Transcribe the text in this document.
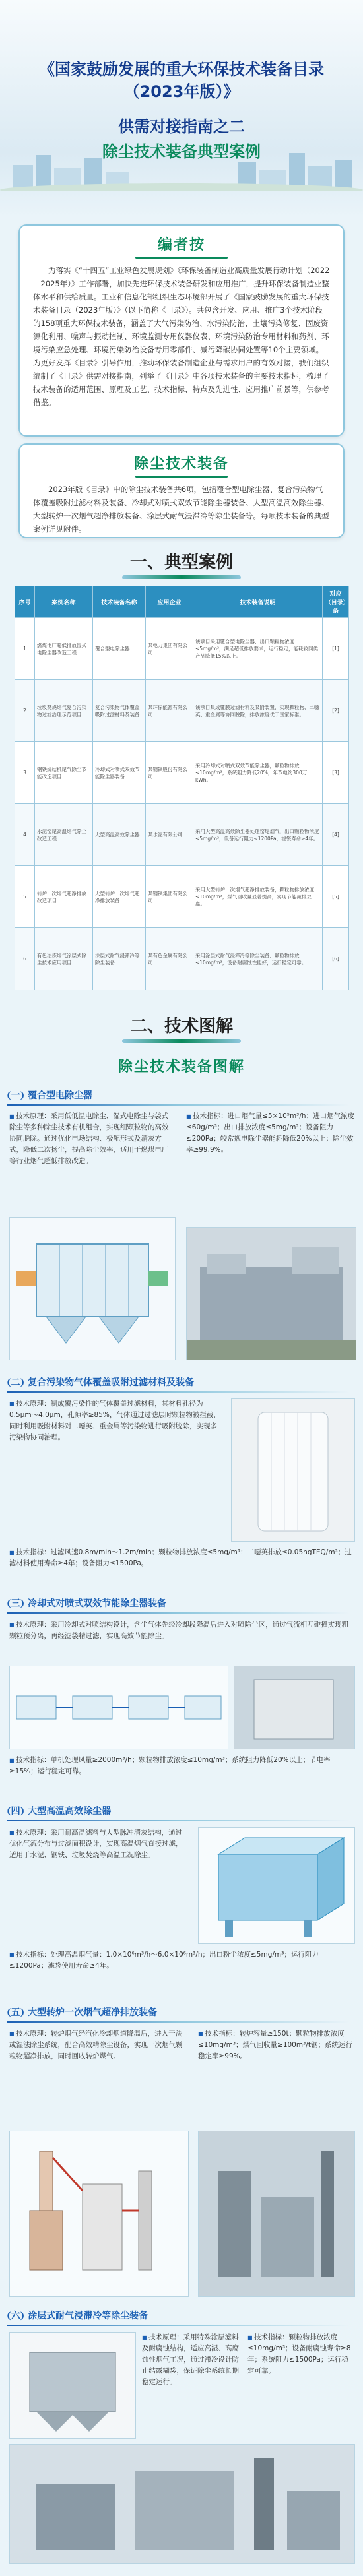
《国家鼓励发展的重大环保技术装备目录（2023年版）》
供需对接指南之二
除尘技术装备典型案例
编者按

为落实《“十四五”工业绿色发展规划》《环保装备制造业高质量发展行动计划（2022—2025年）》工作部署，加快先进环保技术装备研发和应用推广，提升环保装备制造业整体水平和供给质量。工业和信息化部组织生态环境部开展了《国家鼓励发展的重大环保技术装备目录（2023年版）》（以下简称《目录》）。共包含开发、应用、推广3个技术阶段的158项重大环保技术装备，涵盖了大气污染防治、水污染防治、土壤污染修复、固废资源化利用、噪声与振动控制、环境监测专用仪器仪表、环境污染防治专用材料和药剂、环境污染应急处理、环境污染防治设备专用零部件、减污降碳协同处置等10个主要领域。为更好发挥《目录》引导作用，推动环保装备制造企业与需求用户的有效对接，我们组织编制了《目录》供需对接指南，列举了《目录》中各项技术装备的主要技术指标，梳理了技术装备的适用范围、原理及工艺、技术指标、特点及先进性、应用推广前景等，供参考借鉴。

除尘技术装备

2023年版《目录》中的除尘技术装备共6项，包括覆合型电除尘器、复合污染物气体覆盖吸附过滤材料及装备、冷却式对喷式双效节能除尘器装备、大型高温高效除尘器、大型转炉一次烟气超净排放装备、涂层式耐气浸滞冷等除尘装备等。每项技术装备的典型案例详见附件。

一、典型案例
序号	案例名称	技术装备名称	应用企业	技术装备说明	对应（目录）条
1	燃煤电厂超低排放湿式电除尘器改造工程	覆合型电除尘器	某电力集团有限公司	该项目采用覆合型电除尘器，出口颗粒物浓度≤5mg/m³，满足超低排放要求，运行稳定，能耗较同类产品降低15%以上。	[1]
2	垃圾焚烧烟气复合污染物过滤治理示范项目	复合污染物气体覆盖吸附过滤材料及装备	某环保能源有限公司	该项目集成覆膜过滤材料及吸附装置，实现颗粒物、二噁英、重金属等协同脱除，排放浓度优于国家标准。	[2]
3	钢铁烧结机尾气除尘节能改造项目	冷却式对喷式双效节能除尘器装备	某钢铁股份有限公司	采用冷却式对喷式双效节能除尘器，颗粒物排放≤10mg/m³，系统阻力降低20%，年节电约300万kWh。	[3]
4	水泥窑尾高温烟气除尘改造工程	大型高温高效除尘器	某水泥有限公司	采用大型高温高效除尘器处理窑尾烟气，出口颗粒物浓度≤5mg/m³，设备运行阻力≤1200Pa，滤袋寿命≥4年。	[4]
5	转炉一次烟气超净排放改造项目	大型转炉一次烟气超净排放装备	某钢铁集团有限公司	采用大型转炉一次烟气超净排放装备，颗粒物排放浓度≤10mg/m³，煤气回收量显著提高，实现节能减排双赢。	[5]
6	有色冶炼烟气涂层式除尘技术应用项目	涂层式耐气浸滞冷等除尘装备	某有色金属有限公司	采用涂层式耐气浸滞冷等除尘装备，颗粒物排放≤10mg/m³，设备耐腐蚀性能好，运行稳定可靠。	[6]
二、技术图解
除尘技术装备图解
(一) 覆合型电除尘器
■ 技术原理：采用低低温电除尘、湿式电除尘与袋式除尘等多种除尘技术有机组合，实现细颗粒物的高效协同脱除。通过优化电场结构、极配形式及清灰方式，降低二次扬尘，提高除尘效率，适用于燃煤电厂等行业烟气超低排放改造。
■ 技术指标：进口烟气量≤5×10⁵m³/h；进口烟气浓度≤60g/m³；出口排放浓度≤5mg/m³；设备阻力≤200Pa；较常规电除尘器能耗降低20%以上；除尘效率≥99.9%。
(二) 复合污染物气体覆盖吸附过滤材料及装备
■ 技术原理：制成覆污染性的气体覆盖过滤材料，其材料孔径为0.5μm～4.0μm，孔隙率≥85%，气体通过过滤层时颗粒物被拦截，同时利用吸附材料对二噁英、重金属等污染物进行吸附脱除，实现多污染物协同治理。
■ 技术指标：过滤风速0.8m/min～1.2m/min；颗粒物排放浓度≤5mg/m³；二噁英排放≤0.05ngTEQ/m³；过滤材料使用寿命≥4年；设备阻力≤1500Pa。
(三) 冷却式对喷式双效节能除尘器装备
■ 技术原理：采用冷却式对喷结构设计，含尘气体先经冷却段降温后进入对喷除尘区，通过气流相互碰撞实现粗颗粒预分离，再经滤袋精过滤，实现高效节能除尘。
■ 技术指标：单机处理风量≥2000m³/h；颗粒物排放浓度≤10mg/m³；系统阻力降低20%以上；节电率≥15%；运行稳定可靠。
(四) 大型高温高效除尘器
■ 技术原理：采用耐高温滤料与大型脉冲清灰结构，通过优化气流分布与过滤面积设计，实现高温烟气直接过滤，适用于水泥、钢铁、垃圾焚烧等高温工况除尘。
■ 技术指标：处理高温烟气量：1.0×10⁶m³/h～6.0×10⁶m³/h；出口粉尘浓度≤5mg/m³；运行阻力≤1200Pa；滤袋使用寿命≥4年。
(五) 大型转炉一次烟气超净排放装备
■ 技术原理：转炉烟气经汽化冷却烟道降温后，进入干法或湿法除尘系统，配合高效精除尘设备，实现一次烟气颗粒物超净排放，同时回收转炉煤气。
■ 技术指标：转炉容量≥150t；颗粒物排放浓度≤10mg/m³；煤气回收量≥100m³/t钢；系统运行稳定率≥99%。
(六) 涂层式耐气浸滞冷等除尘装备
■ 技术原理：采用特殊涂层滤料及耐腐蚀结构，适应高湿、高腐蚀性烟气工况，通过滞冷设计防止结露糊袋，保证除尘系统长期稳定运行。
■ 技术指标：颗粒物排放浓度≤10mg/m³；设备耐腐蚀寿命≥8年；系统阻力≤1500Pa；运行稳定可靠。
